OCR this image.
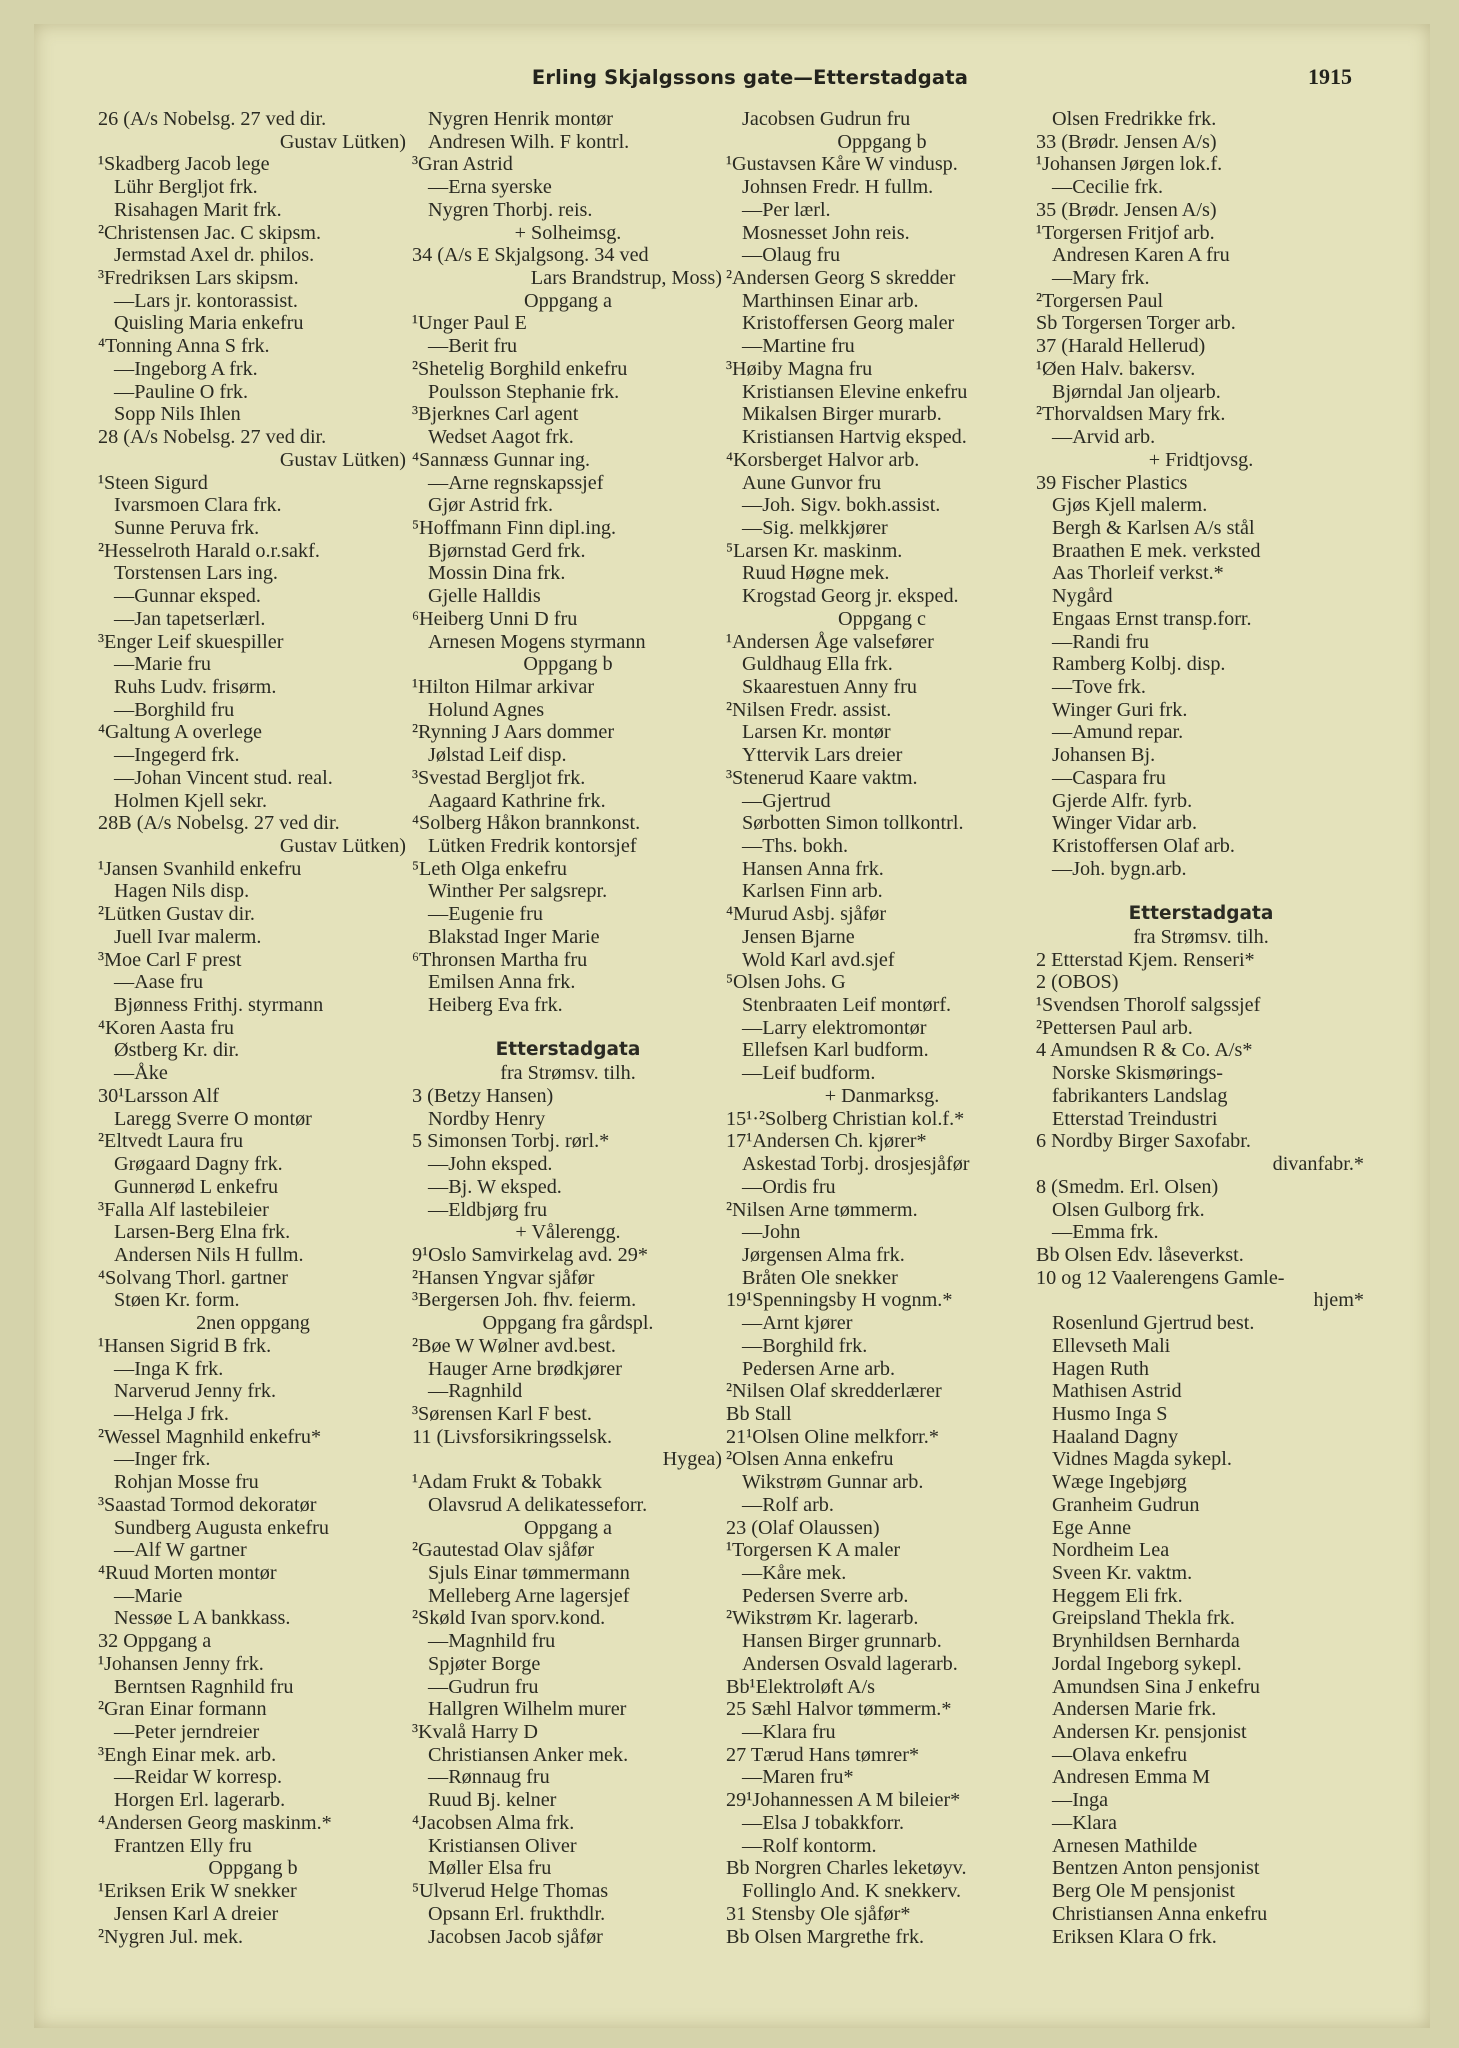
Erling Skjalgssons gate—Etterstadgata	1915
26 (A/s Nobelsg. 27 ved dir.
Gustav Lütken)
¹Skadberg Jacob lege
Lühr Bergljot frk.
Risahagen Marit frk.
²Christensen Jac. C skipsm.
Jermstad Axel dr. philos.
³Fredriksen Lars skipsm.
—Lars jr. kontorassist.
Quisling Maria enkefru
⁴Tonning Anna S frk.
—Ingeborg A frk.
—Pauline O frk.
Sopp Nils Ihlen
28 (A/s Nobelsg. 27 ved dir.
Gustav Lütken)
¹Steen Sigurd
Ivarsmoen Clara frk.
Sunne Peruva frk.
²Hesselroth Harald o.r.sakf.
Torstensen Lars ing.
—Gunnar eksped.
—Jan tapetserlærl.
³Enger Leif skuespiller
—Marie fru
Ruhs Ludv. frisørm.
—Borghild fru
⁴Galtung A overlege
—Ingegerd frk.
—Johan Vincent stud. real.
Holmen Kjell sekr.
28B (A/s Nobelsg. 27 ved dir.
Gustav Lütken)
¹Jansen Svanhild enkefru
Hagen Nils disp.
²Lütken Gustav dir.
Juell Ivar malerm.
³Moe Carl F prest
—Aase fru
Bjønness Frithj. styrmann
⁴Koren Aasta fru
Østberg Kr. dir.
—Åke
30¹Larsson Alf
Laregg Sverre O montør
²Eltvedt Laura fru
Grøgaard Dagny frk.
Gunnerød L enkefru
³Falla Alf lastebileier
Larsen-Berg Elna frk.
Andersen Nils H fullm.
⁴Solvang Thorl. gartner
Støen Kr. form.
2nen oppgang
¹Hansen Sigrid B frk.
—Inga K frk.
Narverud Jenny frk.
—Helga J frk.
²Wessel Magnhild enkefru*
—Inger frk.
Rohjan Mosse fru
³Saastad Tormod dekoratør
Sundberg Augusta enkefru
—Alf W gartner
⁴Ruud Morten montør
—Marie
Nessøe L A bankkass.
32 Oppgang a
¹Johansen Jenny frk.
Berntsen Ragnhild fru
²Gran Einar formann
—Peter jerndreier
³Engh Einar mek. arb.
—Reidar W korresp.
Horgen Erl. lagerarb.
⁴Andersen Georg maskinm.*
Frantzen Elly fru
Oppgang b
¹Eriksen Erik W snekker
Jensen Karl A dreier
²Nygren Jul. mek.
Nygren Henrik montør
Andresen Wilh. F kontrl.
³Gran Astrid
—Erna syerske
Nygren Thorbj. reis.
+ Solheimsg.
34 (A/s E Skjalgsong. 34 ved
Lars Brandstrup, Moss)
Oppgang a
¹Unger Paul E
—Berit fru
²Shetelig Borghild enkefru
Poulsson Stephanie frk.
³Bjerknes Carl agent
Wedset Aagot frk.
⁴Sannæss Gunnar ing.
—Arne regnskapssjef
Gjør Astrid frk.
⁵Hoffmann Finn dipl.ing.
Bjørnstad Gerd frk.
Mossin Dina frk.
Gjelle Halldis
⁶Heiberg Unni D fru
Arnesen Mogens styrmann
Oppgang b
¹Hilton Hilmar arkivar
Holund Agnes
²Rynning J Aars dommer
Jølstad Leif disp.
³Svestad Bergljot frk.
Aagaard Kathrine frk.
⁴Solberg Håkon brannkonst.
Lütken Fredrik kontorsjef
⁵Leth Olga enkefru
Winther Per salgsrepr.
—Eugenie fru
Blakstad Inger Marie
⁶Thronsen Martha fru
Emilsen Anna frk.
Heiberg Eva frk.
Etterstadgata
fra Strømsv. tilh.
3 (Betzy Hansen)
Nordby Henry
5 Simonsen Torbj. rørl.*
—John eksped.
—Bj. W eksped.
—Eldbjørg fru
+ Vålerengg.
9¹Oslo Samvirkelag avd. 29*
²Hansen Yngvar sjåfør
³Bergersen Joh. fhv. feierm.
Oppgang fra gårdspl.
²Bøe W Wølner avd.best.
Hauger Arne brødkjører
—Ragnhild
³Sørensen Karl F best.
11 (Livsforsikringsselsk.
Hygea)
¹Adam Frukt & Tobakk
Olavsrud A delikatesseforr.
Oppgang a
²Gautestad Olav sjåfør
Sjuls Einar tømmermann
Melleberg Arne lagersjef
²Skøld Ivan sporv.kond.
—Magnhild fru
Spjøter Borge
—Gudrun fru
Hallgren Wilhelm murer
³Kvalå Harry D
Christiansen Anker mek.
—Rønnaug fru
Ruud Bj. kelner
⁴Jacobsen Alma frk.
Kristiansen Oliver
Møller Elsa fru
⁵Ulverud Helge Thomas
Opsann Erl. frukthdlr.
Jacobsen Jacob sjåfør
Jacobsen Gudrun fru
Oppgang b
¹Gustavsen Kåre W vindusp.
Johnsen Fredr. H fullm.
—Per lærl.
Mosnesset John reis.
—Olaug fru
²Andersen Georg S skredder
Marthinsen Einar arb.
Kristoffersen Georg maler
—Martine fru
³Høiby Magna fru
Kristiansen Elevine enkefru
Mikalsen Birger murarb.
Kristiansen Hartvig eksped.
⁴Korsberget Halvor arb.
Aune Gunvor fru
—Joh. Sigv. bokh.assist.
—Sig. melkkjører
⁵Larsen Kr. maskinm.
Ruud Høgne mek.
Krogstad Georg jr. eksped.
Oppgang c
¹Andersen Åge valsefører
Guldhaug Ella frk.
Skaarestuen Anny fru
²Nilsen Fredr. assist.
Larsen Kr. montør
Yttervik Lars dreier
³Stenerud Kaare vaktm.
—Gjertrud
Sørbotten Simon tollkontrl.
—Ths. bokh.
Hansen Anna frk.
Karlsen Finn arb.
⁴Murud Asbj. sjåfør
Jensen Bjarne
Wold Karl avd.sjef
⁵Olsen Johs. G
Stenbraaten Leif montørf.
—Larry elektromontør
Ellefsen Karl budform.
—Leif budform.
+ Danmarksg.
15¹·²Solberg Christian kol.f.*
17¹Andersen Ch. kjører*
Askestad Torbj. drosjesjåfør
—Ordis fru
²Nilsen Arne tømmerm.
—John
Jørgensen Alma frk.
Bråten Ole snekker
19¹Spenningsby H vognm.*
—Arnt kjører
—Borghild frk.
Pedersen Arne arb.
²Nilsen Olaf skredderlærer
Bb Stall
21¹Olsen Oline melkforr.*
²Olsen Anna enkefru
Wikstrøm Gunnar arb.
—Rolf arb.
23 (Olaf Olaussen)
¹Torgersen K A maler
—Kåre mek.
Pedersen Sverre arb.
²Wikstrøm Kr. lagerarb.
Hansen Birger grunnarb.
Andersen Osvald lagerarb.
Bb¹Elektroløft A/s
25 Sæhl Halvor tømmerm.*
—Klara fru
27 Tærud Hans tømrer*
—Maren fru*
29¹Johannessen A M bileier*
—Elsa J tobakkforr.
—Rolf kontorm.
Bb Norgren Charles leketøyv.
Follinglo And. K snekkerv.
31 Stensby Ole sjåfør*
Bb Olsen Margrethe frk.
Olsen Fredrikke frk.
33 (Brødr. Jensen A/s)
¹Johansen Jørgen lok.f.
—Cecilie frk.
35 (Brødr. Jensen A/s)
¹Torgersen Fritjof arb.
Andresen Karen A fru
—Mary frk.
²Torgersen Paul
Sb Torgersen Torger arb.
37 (Harald Hellerud)
¹Øen Halv. bakersv.
Bjørndal Jan oljearb.
²Thorvaldsen Mary frk.
—Arvid arb.
+ Fridtjovsg.
39 Fischer Plastics
Gjøs Kjell malerm.
Bergh & Karlsen A/s stål
Braathen E mek. verksted
Aas Thorleif verkst.*
Nygård
Engaas Ernst transp.forr.
—Randi fru
Ramberg Kolbj. disp.
—Tove frk.
Winger Guri frk.
—Amund repar.
Johansen Bj.
—Caspara fru
Gjerde Alfr. fyrb.
Winger Vidar arb.
Kristoffersen Olaf arb.
—Joh. bygn.arb.
Etterstadgata
fra Strømsv. tilh.
2 Etterstad Kjem. Renseri*
2 (OBOS)
¹Svendsen Thorolf salgssjef
²Pettersen Paul arb.
4 Amundsen R & Co. A/s*
Norske Skismørings-
fabrikanters Landslag
Etterstad Treindustri
6 Nordby Birger Saxofabr.
divanfabr.*
8 (Smedm. Erl. Olsen)
Olsen Gulborg frk.
—Emma frk.
Bb Olsen Edv. låseverkst.
10 og 12 Vaalerengens Gamle-
hjem*
Rosenlund Gjertrud best.
Ellevseth Mali
Hagen Ruth
Mathisen Astrid
Husmo Inga S
Haaland Dagny
Vidnes Magda sykepl.
Wæge Ingebjørg
Granheim Gudrun
Ege Anne
Nordheim Lea
Sveen Kr. vaktm.
Heggem Eli frk.
Greipsland Thekla frk.
Brynhildsen Bernharda
Jordal Ingeborg sykepl.
Amundsen Sina J enkefru
Andersen Marie frk.
Andersen Kr. pensjonist
—Olava enkefru
Andresen Emma M
—Inga
—Klara
Arnesen Mathilde
Bentzen Anton pensjonist
Berg Ole M pensjonist
Christiansen Anna enkefru
Eriksen Klara O frk.
